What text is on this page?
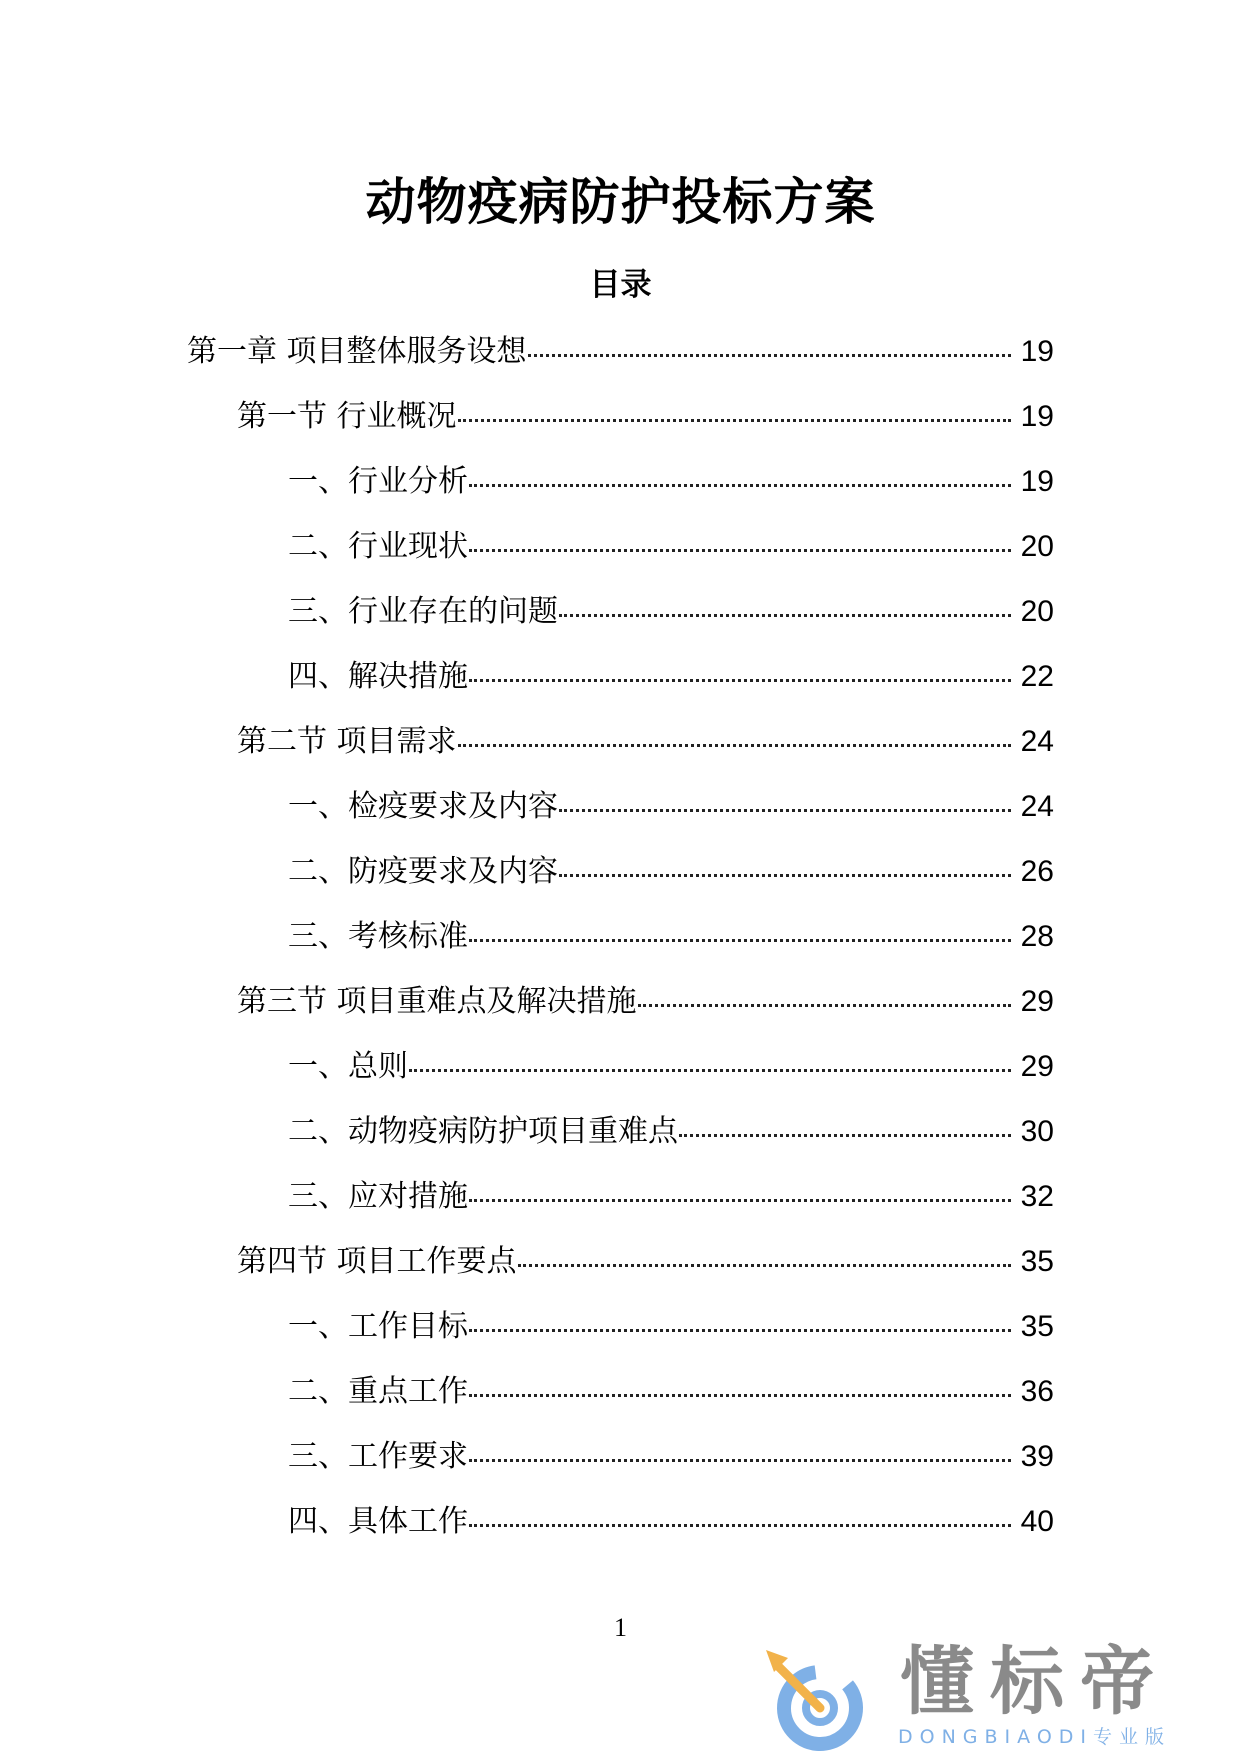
动物疫病防护投标方案
目录
第一章 项目整体服务设想	19
第一节 行业概况	19
一、行业分析	19
二、行业现状	20
三、行业存在的问题	20
四、解决措施	22
第二节 项目需求	24
一、检疫要求及内容	24
二、防疫要求及内容	26
三、考核标准	28
第三节 项目重难点及解决措施	29
一、总则	29
二、动物疫病防护项目重难点	30
三、应对措施	32
第四节 项目工作要点	35
一、工作目标	35
二、重点工作	36
三、工作要求	39
四、具体工作	40
1
懂标帝
DONGBIAODI专业版
